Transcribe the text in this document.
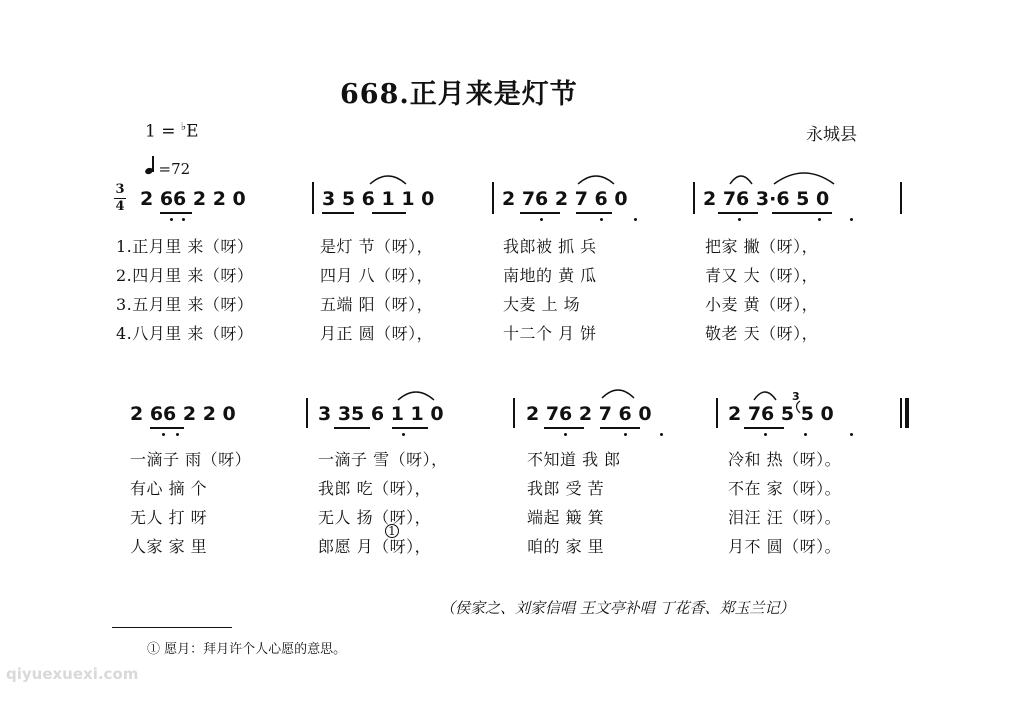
668.正月来是灯节
1 = ♭E	永城县
=72
3
4 2 66 2 2 0	3 5 6 1 1 0	2 76 2 7 6 0	2 76 3·6 5 0
1.正月里 来（呀）	是灯 节（呀），	我郎被 抓 兵	把家 撇（呀），
2.四月里 来（呀）	四月 八（呀），	南地的 黄 瓜	青又 大（呀），
3.五月里 来（呀）	五端 阳（呀），	大麦 上 场	小麦 黄（呀），
4.八月里 来（呀）	月正 圆（呀），	十二个 月 饼	敬老 天（呀），
2 66 2 2 0	3 35 6 1 1 0	2 76 2 7 6 0	2 76 5 5 0
3
一滴子 雨（呀）	一滴子 雪（呀），	不知道 我 郎	冷和 热（呀）。
有心 摘 个	我郎 吃（呀），	我郎 受 苦	不在 家（呀）。
无人 打 呀	无人 扬（呀），	端起 簸 箕	泪汪 汪（呀）。
人家 家 里	郎愿 月（呀），	咱的 家 里	月不 圆（呀）。
1
（侯家之、刘家信唱 王文亭补唱 丁花香、郑玉兰记）
① 愿月：拜月许个人心愿的意思。
qiyuexuexi.com
